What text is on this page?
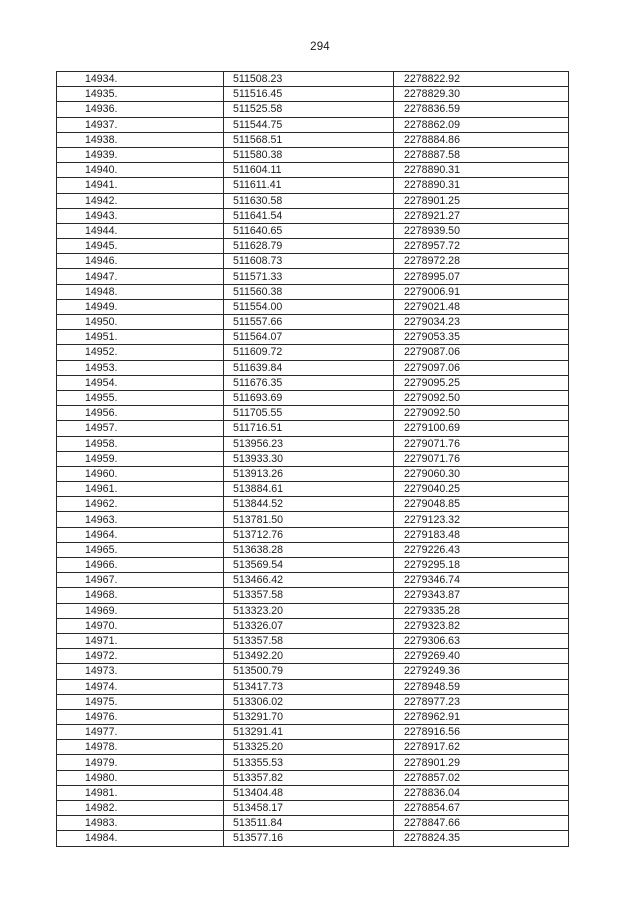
294
14934.	511508.23	2278822.92
14935.	511516.45	2278829.30
14936.	511525.58	2278836.59
14937.	511544.75	2278862.09
14938.	511568.51	2278884.86
14939.	511580.38	2278887.58
14940.	511604.11	2278890.31
14941.	511611.41	2278890.31
14942.	511630.58	2278901.25
14943.	511641.54	2278921.27
14944.	511640.65	2278939.50
14945.	511628.79	2278957.72
14946.	511608.73	2278972.28
14947.	511571.33	2278995.07
14948.	511560.38	2279006.91
14949.	511554.00	2279021.48
14950.	511557.66	2279034.23
14951.	511564.07	2279053.35
14952.	511609.72	2279087.06
14953.	511639.84	2279097.06
14954.	511676.35	2279095.25
14955.	511693.69	2279092.50
14956.	511705.55	2279092.50
14957.	511716.51	2279100.69
14958.	513956.23	2279071.76
14959.	513933.30	2279071.76
14960.	513913.26	2279060.30
14961.	513884.61	2279040.25
14962.	513844.52	2279048.85
14963.	513781.50	2279123.32
14964.	513712.76	2279183.48
14965.	513638.28	2279226.43
14966.	513569.54	2279295.18
14967.	513466.42	2279346.74
14968.	513357.58	2279343.87
14969.	513323.20	2279335.28
14970.	513326.07	2279323.82
14971.	513357.58	2279306.63
14972.	513492.20	2279269.40
14973.	513500.79	2279249.36
14974.	513417.73	2278948.59
14975.	513306.02	2278977.23
14976.	513291.70	2278962.91
14977.	513291.41	2278916.56
14978.	513325.20	2278917.62
14979.	513355.53	2278901.29
14980.	513357.82	2278857.02
14981.	513404.48	2278836.04
14982.	513458.17	2278854.67
14983.	513511.84	2278847.66
14984.	513577.16	2278824.35
